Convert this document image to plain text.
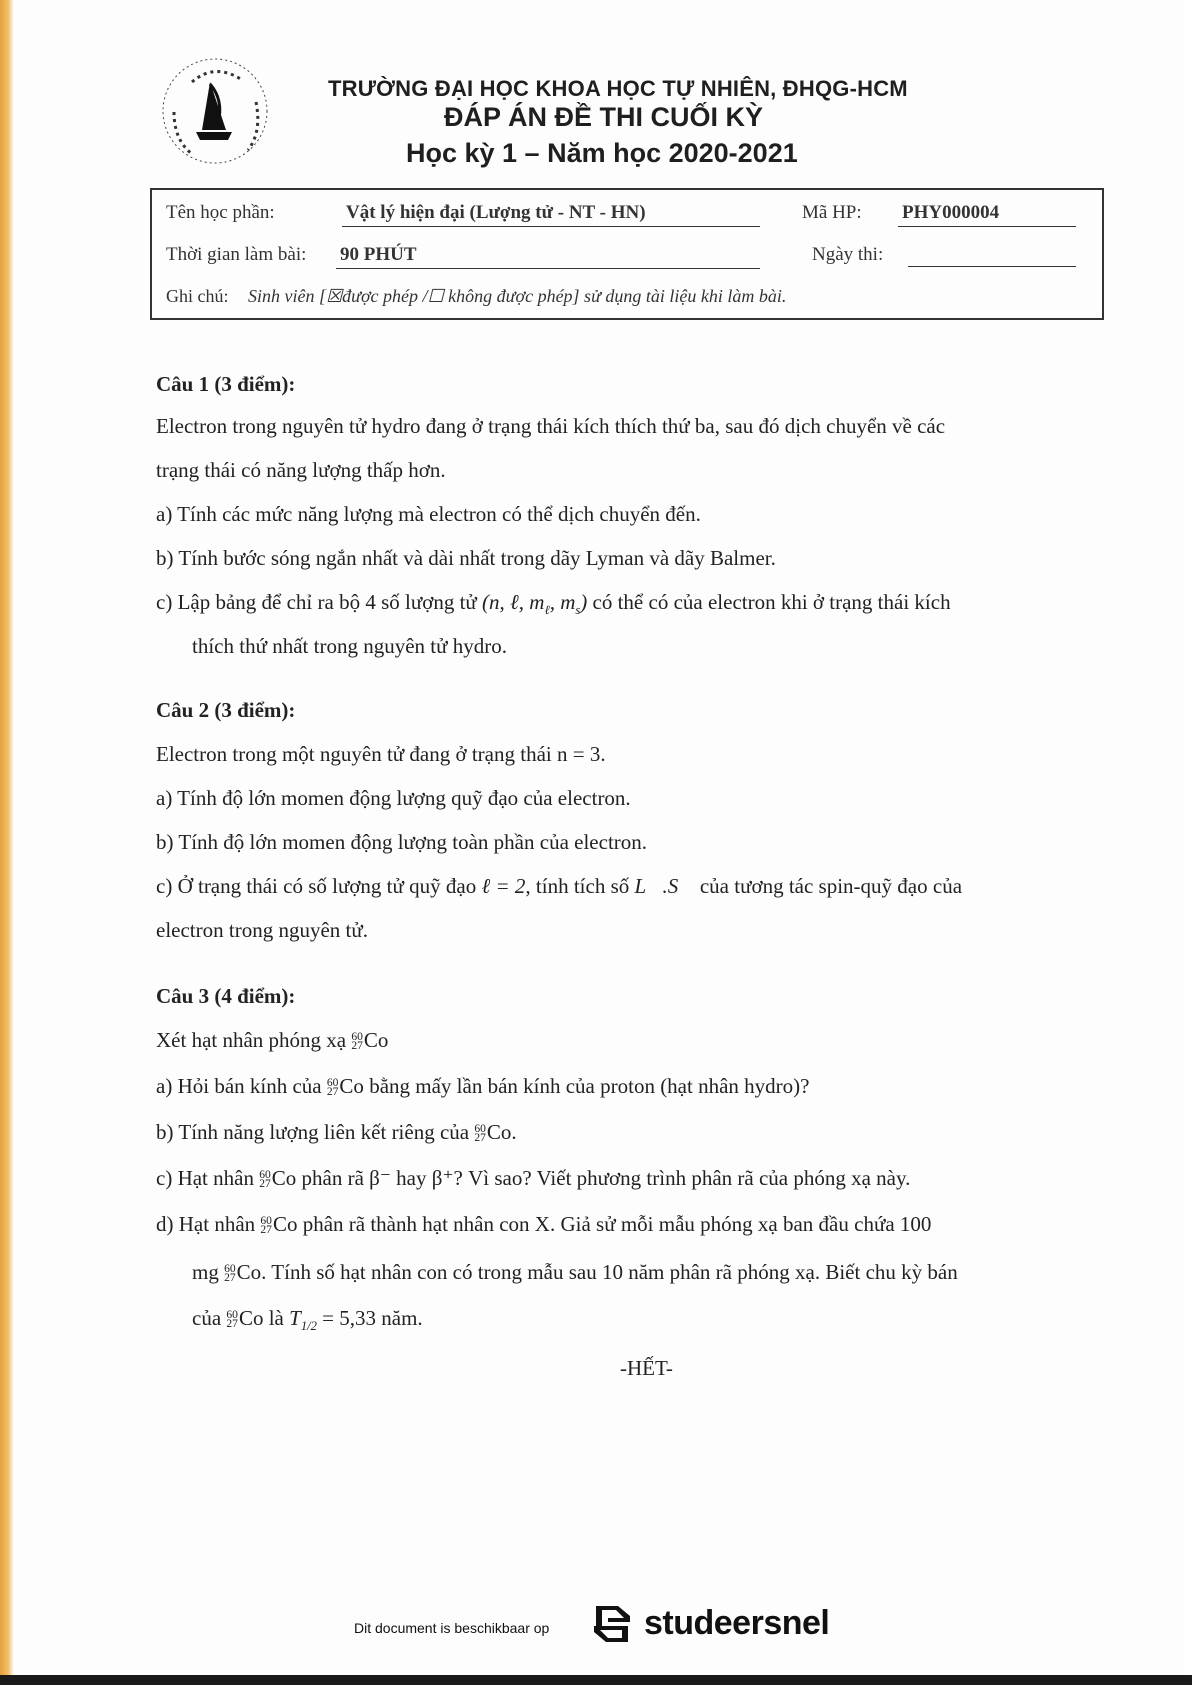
TRƯỜNG ĐẠI HỌC KHOA HỌC TỰ NHIÊN, ĐHQG-HCM
ĐÁP ÁN ĐỀ THI CUỐI KỲ
Học kỳ 1 – Năm học 2020-2021
Tên học phần:	Vật lý hiện đại (Lượng tử - NT - HN)	Mã HP: PHY000004
Thời gian làm bài: 90 PHÚT	Ngày thi:
Ghi chú: Sinh viên [☒được phép /☐ không được phép] sử dụng tài liệu khi làm bài.
Câu 1 (3 điểm):
Electron trong nguyên tử hydro đang ở trạng thái kích thích thứ ba, sau đó dịch chuyển về các
trạng thái có năng lượng thấp hơn.
a) Tính các mức năng lượng mà electron có thể dịch chuyển đến.
b) Tính bước sóng ngắn nhất và dài nhất trong dãy Lyman và dãy Balmer.
c) Lập bảng để chỉ ra bộ 4 số lượng tử (n, ℓ, $m_\ell$, $m_s$) có thể có của electron khi ở trạng thái kích
thích thứ nhất trong nguyên tử hydro.
Câu 2 (3 điểm):
Electron trong một nguyên tử đang ở trạng thái n = 3.
a) Tính độ lớn momen động lượng quỹ đạo của electron.
b) Tính độ lớn momen động lượng toàn phần của electron.
c) Ở trạng thái có số lượng tử quỹ đạo ℓ = 2, tính tích số L⃗.S⃗ của tương tác spin-quỹ đạo của
electron trong nguyên tử.
Câu 3 (4 điểm):
Xét hạt nhân phóng xạ 60
27Co
a) Hỏi bán kính của 60
27Co bằng mấy lần bán kính của proton (hạt nhân hydro)?
b) Tính năng lượng liên kết riêng của 60
27Co.
c) Hạt nhân 60
27Co phân rã β⁻ hay β⁺? Vì sao? Viết phương trình phân rã của phóng xạ này.
d) Hạt nhân 60
27Co phân rã thành hạt nhân con X. Giả sử mỗi mẫu phóng xạ ban đầu chứa 100
mg 60
27Co. Tính số hạt nhân con có trong mẫu sau 10 năm phân rã phóng xạ. Biết chu kỳ bán
của 60
27Co là $T_{1/2} = 5,33$ năm.
-HẾT-
Dit document is beschikbaar op	studeersnel
